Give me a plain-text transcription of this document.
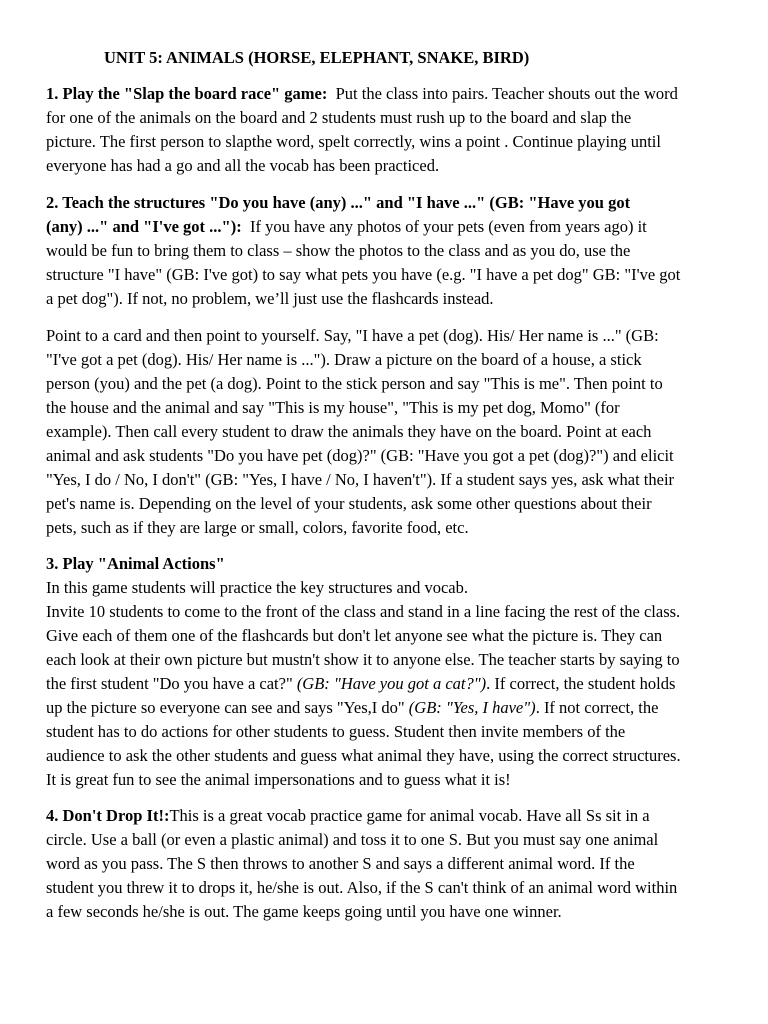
UNIT 5: ANIMALS (HORSE, ELEPHANT, SNAKE, BIRD)
1. Play the "Slap the board race" game:  Put the class into pairs. Teacher shouts out the word
for one of the animals on the board and 2 students must rush up to the board and slap the
picture. The first person to slapthe word, spelt correctly, wins a point . Continue playing until
everyone has had a go and all the vocab has been practiced.
2. Teach the structures "Do you have (any) ..." and "I have ..." (GB: "Have you got
(any) ..." and "I've got ..."):  If you have any photos of your pets (even from years ago) it
would be fun to bring them to class – show the photos to the class and as you do, use the
structure "I have" (GB: I've got) to say what pets you have (e.g. "I have a pet dog" GB: "I've got
a pet dog"). If not, no problem, we’ll just use the flashcards instead.
Point to a card and then point to yourself. Say, "I have a pet (dog). His/ Her name is ..." (GB:
"I've got a pet (dog). His/ Her name is ..."). Draw a picture on the board of a house, a stick
person (you) and the pet (a dog). Point to the stick person and say "This is me". Then point to
the house and the animal and say "This is my house", "This is my pet dog, Momo" (for
example). Then call every student to draw the animals they have on the board. Point at each
animal and ask students "Do you have pet (dog)?" (GB: "Have you got a pet (dog)?") and elicit
"Yes, I do / No, I don't" (GB: "Yes, I have / No, I haven't"). If a student says yes, ask what their
pet's name is. Depending on the level of your students, ask some other questions about their
pets, such as if they are large or small, colors, favorite food, etc.
3. Play "Animal Actions"
In this game students will practice the key structures and vocab.
Invite 10 students to come to the front of the class and stand in a line facing the rest of the class.
Give each of them one of the flashcards but don't let anyone see what the picture is. They can
each look at their own picture but mustn't show it to anyone else. The teacher starts by saying to
the first student "Do you have a cat?" (GB: "Have you got a cat?"). If correct, the student holds
up the picture so everyone can see and says "Yes,I do" (GB: "Yes, I have"). If not correct, the
student has to do actions for other students to guess. Student then invite members of the
audience to ask the other students and guess what animal they have, using the correct structures.
It is great fun to see the animal impersonations and to guess what it is!
4. Don't Drop It!:This is a great vocab practice game for animal vocab. Have all Ss sit in a
circle. Use a ball (or even a plastic animal) and toss it to one S. But you must say one animal
word as you pass. The S then throws to another S and says a different animal word. If the
student you threw it to drops it, he/she is out. Also, if the S can't think of an animal word within
a few seconds he/she is out. The game keeps going until you have one winner.
